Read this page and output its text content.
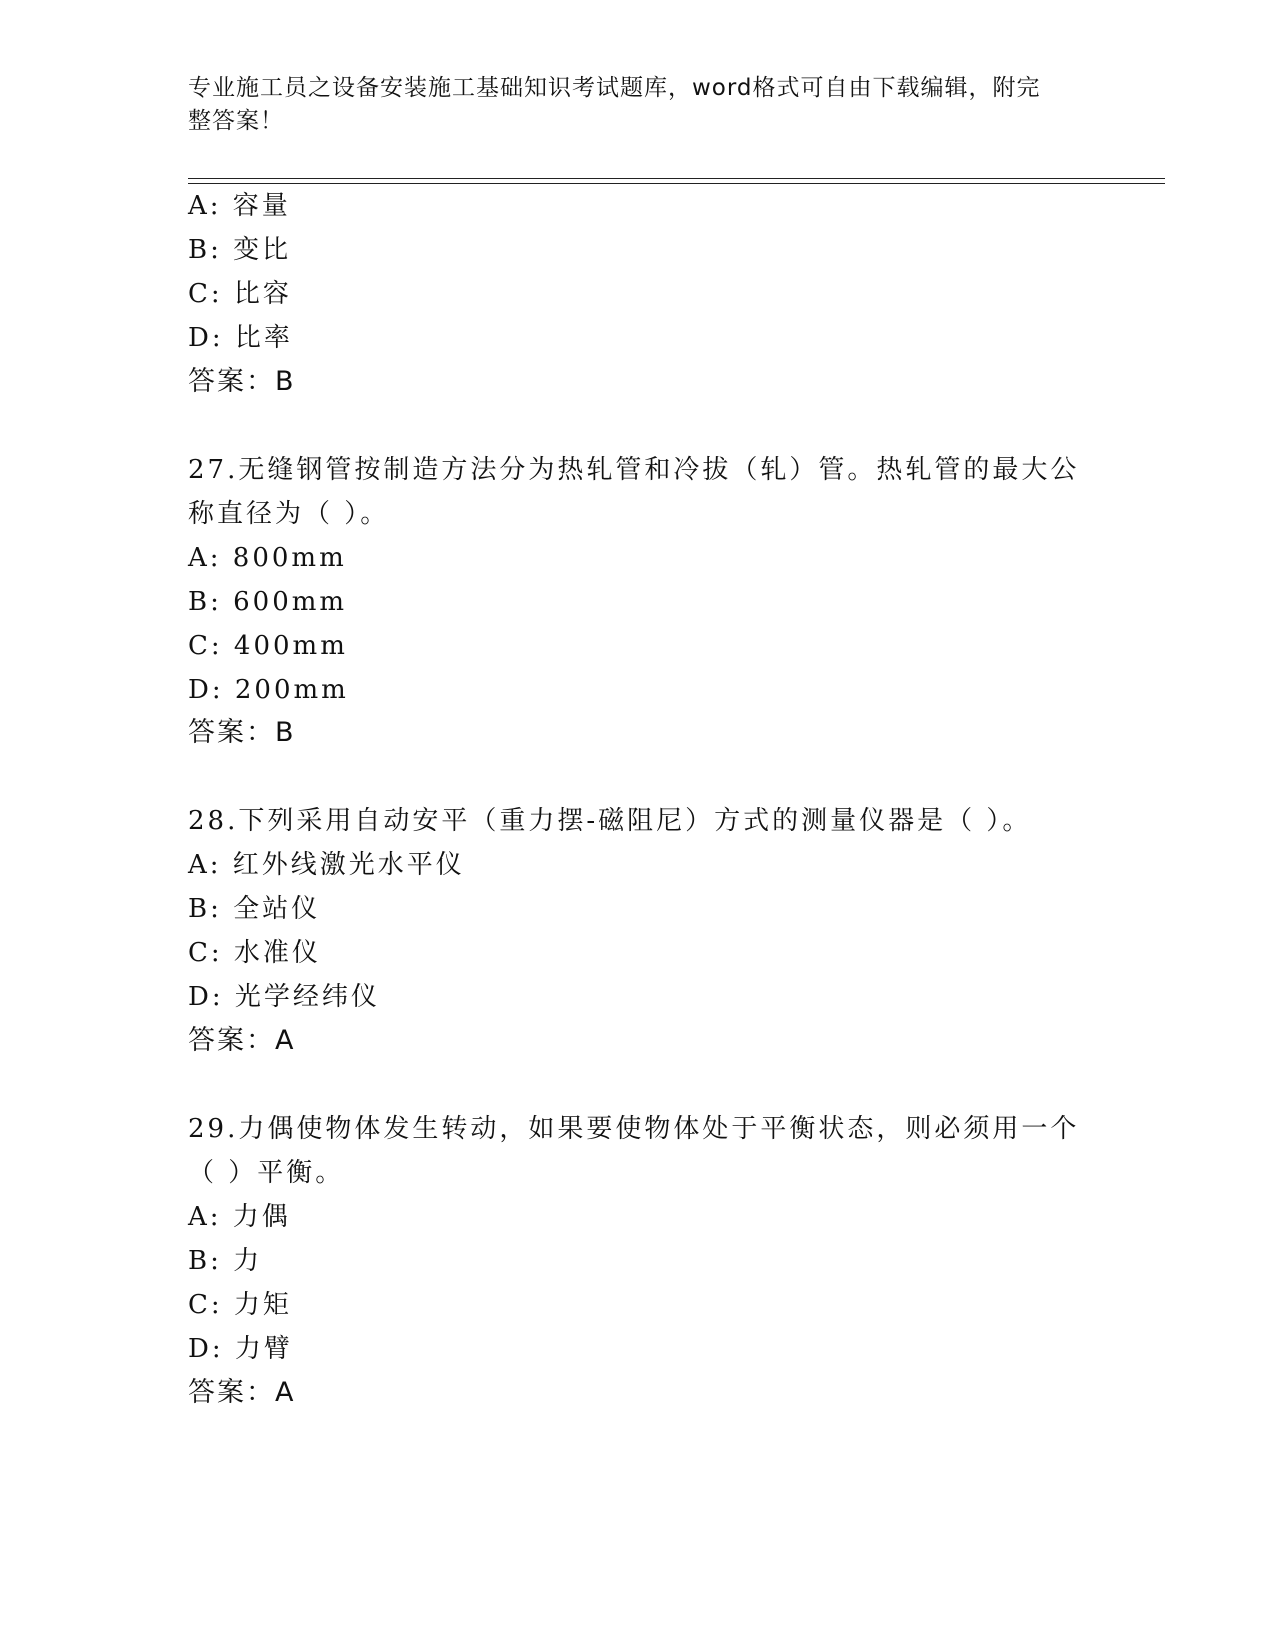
专业施工员之设备安装施工基础知识考试题库，word格式可自由下载编辑，附完
整答案！
A: 容量
B: 变比
C: 比容
D: 比率
答案：B
27.无缝钢管按制造方法分为热轧管和冷拔（轧）管。热轧管的最大公
称直径为（ ）。
A: 800mm
B: 600mm
C: 400mm
D: 200mm
答案：B
28.下列采用自动安平（重力摆-磁阻尼）方式的测量仪器是（ ）。
A: 红外线激光水平仪
B: 全站仪
C: 水准仪
D: 光学经纬仪
答案：A
29.力偶使物体发生转动，如果要使物体处于平衡状态，则必须用一个
（ ）平衡。
A: 力偶
B: 力
C: 力矩
D: 力臂
答案：A
